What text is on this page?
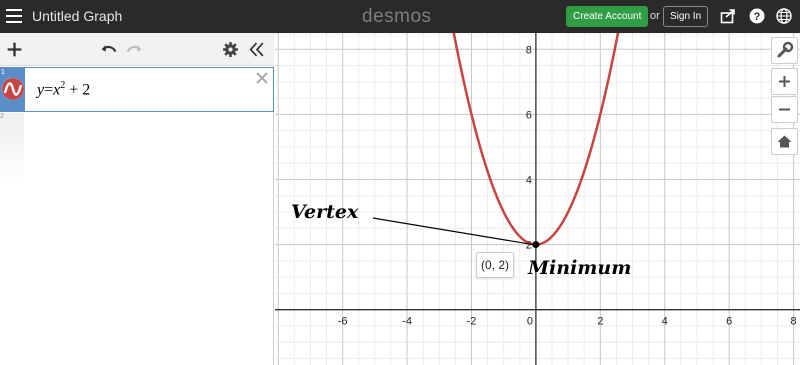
Untitled Graph	desmos	Create Account or	Sign In	?
1
$y=x^2 + 2$
2
-6	-4	-2	0	2	4	6	8
2
4
6
8
Vertex
Minimum
(0, 2)
